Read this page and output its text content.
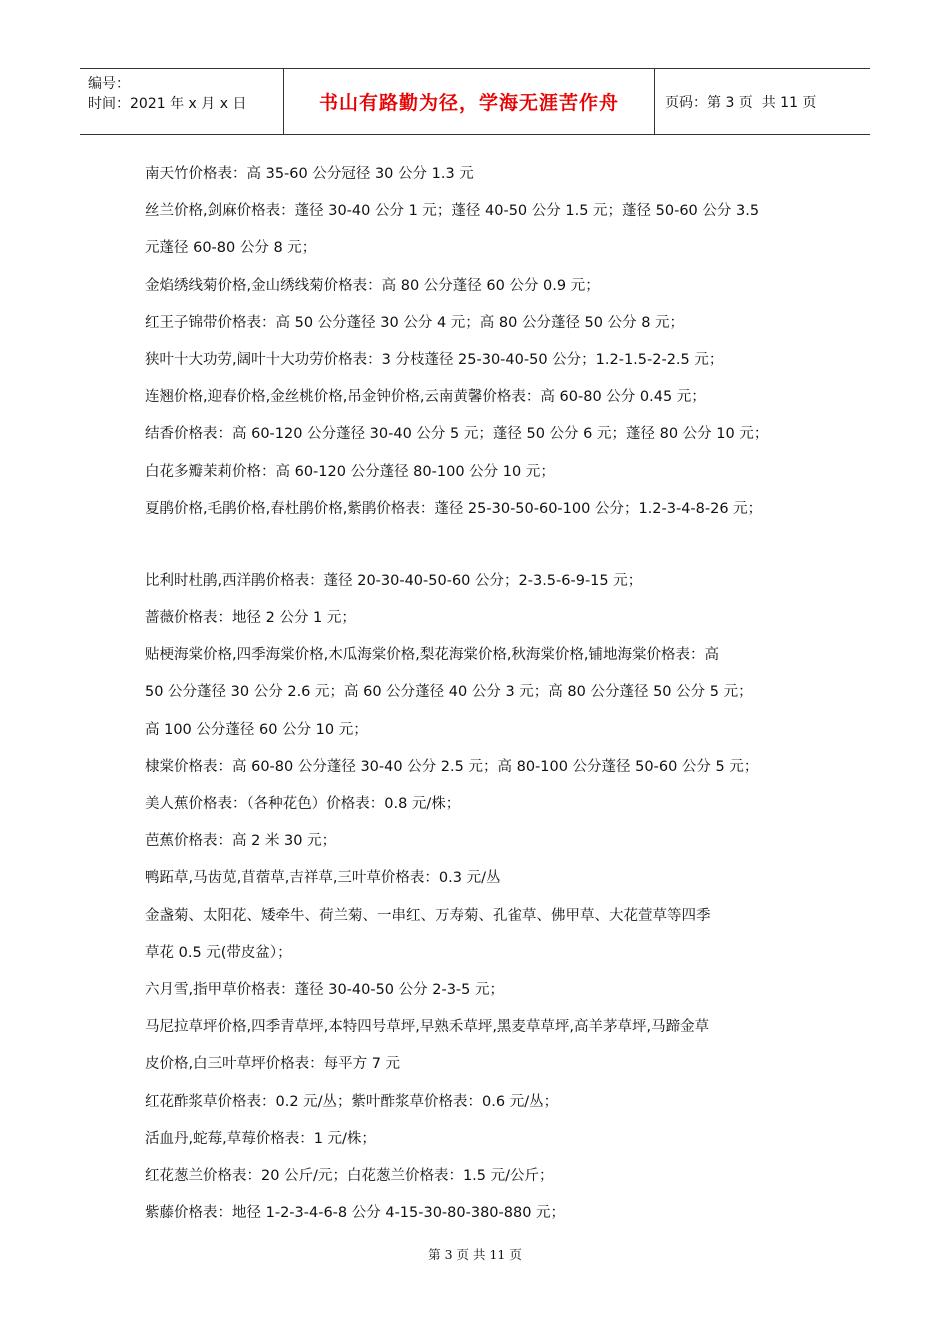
编号：
时间：2021 年 x 月 x 日	书山有路勤为径，学海无涯苦作舟	页码：第 3 页  共 11 页
南天竹价格表：高 35-60 公分冠径 30 公分 1.3 元
丝兰价格,剑麻价格表：蓬径 30-40 公分 1 元；蓬径 40-50 公分 1.5 元；蓬径 50-60 公分 3.5
元蓬径 60-80 公分 8 元；
金焰绣线菊价格,金山绣线菊价格表：高 80 公分蓬径 60 公分 0.9 元；
红王子锦带价格表：高 50 公分蓬径 30 公分 4 元；高 80 公分蓬径 50 公分 8 元；
狭叶十大功劳,阔叶十大功劳价格表：3 分枝蓬径 25-30-40-50 公分；1.2-1.5-2-2.5 元；
连翘价格,迎春价格,金丝桃价格,吊金钟价格,云南黄馨价格表：高 60-80 公分 0.45 元；
结香价格表：高 60-120 公分蓬径 30-40 公分 5 元；蓬径 50 公分 6 元；蓬径 80 公分 10 元；
白花多瓣茉莉价格：高 60-120 公分蓬径 80-100 公分 10 元；
夏鹃价格,毛鹃价格,春杜鹃价格,紫鹃价格表：蓬径 25-30-50-60-100 公分；1.2-3-4-8-26 元；
比利时杜鹃,西洋鹃价格表：蓬径 20-30-40-50-60 公分；2-3.5-6-9-15 元；
蔷薇价格表：地径 2 公分 1 元；
贴梗海棠价格,四季海棠价格,木瓜海棠价格,梨花海棠价格,秋海棠价格,铺地海棠价格表：高
50 公分蓬径 30 公分 2.6 元；高 60 公分蓬径 40 公分 3 元；高 80 公分蓬径 50 公分 5 元；
高 100 公分蓬径 60 公分 10 元；
棣棠价格表：高 60-80 公分蓬径 30-40 公分 2.5 元；高 80-100 公分蓬径 50-60 公分 5 元；
美人蕉价格表：（各种花色）价格表：0.8 元/株；
芭蕉价格表：高 2 米 30 元；
鸭跖草,马齿苋,苜蓿草,吉祥草,三叶草价格表：0.3 元/丛
金盏菊、太阳花、矮牵牛、荷兰菊、一串红、万寿菊、孔雀草、佛甲草、大花萱草等四季
草花 0.5 元(带皮盆）；
六月雪,指甲草价格表：蓬径 30-40-50 公分 2-3-5 元；
马尼拉草坪价格,四季青草坪,本特四号草坪,早熟禾草坪,黑麦草草坪,高羊茅草坪,马蹄金草
皮价格,白三叶草坪价格表：每平方 7 元
红花酢浆草价格表：0.2 元/丛；紫叶酢浆草价格表：0.6 元/丛；
活血丹,蛇莓,草莓价格表：1 元/株；
红花葱兰价格表：20 公斤/元；白花葱兰价格表：1.5 元/公斤；
紫藤价格表：地径 1-2-3-4-6-8 公分 4-15-30-80-380-880 元；
第 3 页 共 11 页
